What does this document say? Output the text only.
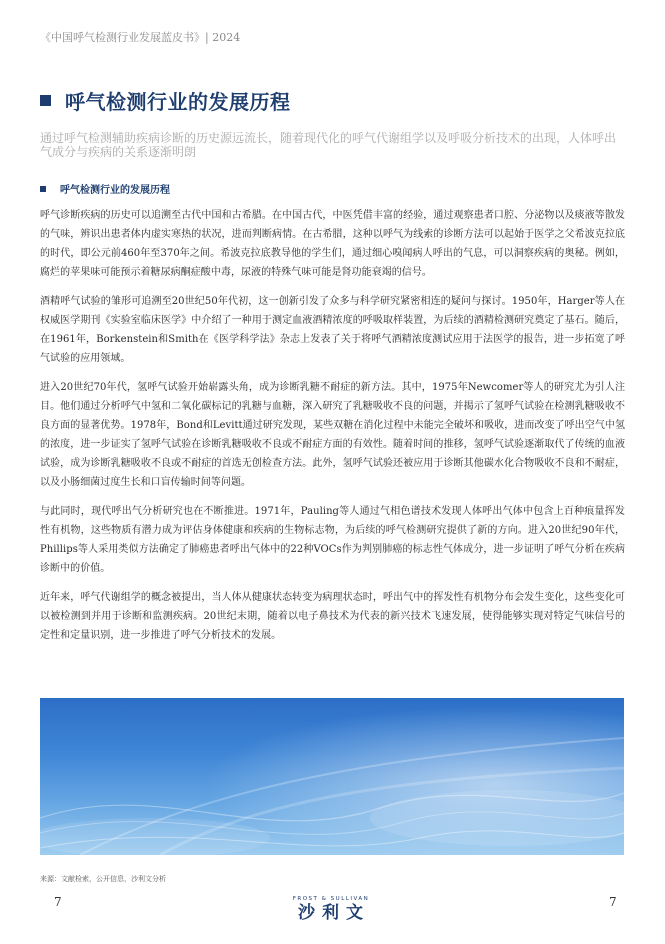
《中国呼气检测行业发展蓝皮书》| 2024
呼气检测行业的发展历程
通过呼气检测辅助疾病诊断的历史源远流长，随着现代化的呼气代谢组学以及呼吸分析技术的出现，人体呼出气成分与疾病的关系逐渐明朗
呼气检测行业的发展历程

呼气诊断疾病的历史可以追溯至古代中国和古希腊。在中国古代，中医凭借丰富的经验，通过观察患者口腔、分泌物以及痰液等散发的气味，辨识出患者体内虚实寒热的状况，进而判断病情。在古希腊，这种以呼气为线索的诊断方法可以起始于医学之父希波克拉底的时代，即公元前460年至370年之间。希波克拉底教导他的学生们，通过细心嗅闻病人呼出的气息，可以洞察疾病的奥秘。例如，腐烂的苹果味可能预示着糖尿病酮症酸中毒，尿液的特殊气味可能是肾功能衰竭的信号。

酒精呼气试验的雏形可追溯至20世纪50年代初，这一创新引发了众多与科学研究紧密相连的疑问与探讨。1950年，Harger等人在权威医学期刊《实验室临床医学》中介绍了一种用于测定血液酒精浓度的呼吸取样装置，为后续的酒精检测研究奠定了基石。随后，在1961年，Borkenstein和Smith在《医学科学法》杂志上发表了关于将呼气酒精浓度测试应用于法医学的报告，进一步拓宽了呼气试验的应用领域。

进入20世纪70年代，氢呼气试验开始崭露头角，成为诊断乳糖不耐症的新方法。其中，1975年Newcomer等人的研究尤为引人注目。他们通过分析呼气中氢和二氧化碳标记的乳糖与血糖，深入研究了乳糖吸收不良的问题，并揭示了氢呼气试验在检测乳糖吸收不良方面的显著优势。1978年，Bond和Levitt通过研究发现，某些双糖在消化过程中未能完全破坏和吸收，进而改变了呼出空气中氢的浓度，进一步证实了氢呼气试验在诊断乳糖吸收不良或不耐症方面的有效性。随着时间的推移，氢呼气试验逐渐取代了传统的血液试验，成为诊断乳糖吸收不良或不耐症的首选无创检查方法。此外，氢呼气试验还被应用于诊断其他碳水化合物吸收不良和不耐症，以及小肠细菌过度生长和口盲传输时间等问题。

与此同时，现代呼出气分析研究也在不断推进。1971年，Pauling等人通过气相色谱技术发现人体呼出气体中包含上百种痕量挥发性有机物，这些物质有潜力成为评估身体健康和疾病的生物标志物，为后续的呼气检测研究提供了新的方向。进入20世纪90年代，Phillips等人采用类似方法确定了肺癌患者呼出气体中的22种VOCs作为判别肺癌的标志性气体成分，进一步证明了呼气分析在疾病诊断中的价值。

近年来，呼气代谢组学的概念被提出，当人体从健康状态转变为病理状态时，呼出气中的挥发性有机物分布会发生变化，这些变化可以被检测到并用于诊断和监测疾病。20世纪末期，随着以电子鼻技术为代表的新兴技术飞速发展，使得能够实现对特定气味信号的定性和定量识别，进一步推进了呼气分析技术的发展。

来源：文献检索，公开信息，沙利文分析
7	FROST & SULLIVAN
沙利文
7
